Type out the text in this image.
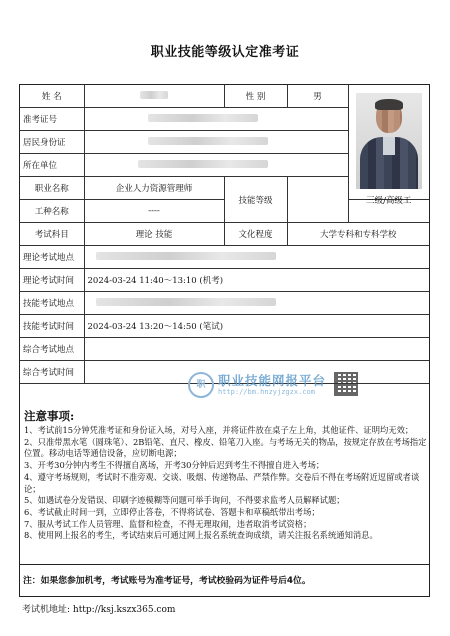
职业技能等级认定准考证
姓 名		性 别	男	

准考证号				
居民身份证				
所在单位				
职业名称	企业人力资源管理师	技能等级		
工种名称	----			三级/高级工
考试科目	理论 技能	文化程度	大学专科和专科学校	
理论考试地点				
理论考试时间	2024-03-24 11:40～13:10 (机考)			
技能考试地点				
技能考试时间	2024-03-24 13:20～14:50 (笔试)			
综合考试地点				
综合考试时间				
注意事项:

1、考试前15分钟凭准考证和身份证入场，对号入座，并将证件放在桌子左上角，其他证件、证明均无效；

2、只准带黑水笔（圆珠笔）、2B铅笔、直尺、橡皮、铅笔刀入座。与考场无关的物品，按规定存放在考场指定位置。移动电话等通信设备，应切断电源；

3、开考30分钟内考生不得擅自离场，开考30分钟后迟到考生不得擅自进入考场；

4、遵守考场规则，考试时不准旁观、交谈、吸烟、传递物品、严禁作弊。交卷后不得在考场附近逗留或者谈论；

5、如遇试卷分发错误、印刷字迹模糊等问题可举手询问，不得要求监考人员解释试题；

6、考试截止时间一到，立即停止答卷，不得将试卷、答题卡和草稿纸带出考场；

7、服从考试工作人员管理、监督和检查，不得无理取闹，违者取消考试资格；

8、使用网上报名的考生，考试结束后可通过网上报名系统查询成绩，请关注报名系统通知消息。

注：如果您参加机考，考试账号为准考证号，考试校验码为证件号后4位。
职	职业技能网报平台
http://bm.hnzyjzgzx.com
考试机地址: http://ksj.kszx365.com
